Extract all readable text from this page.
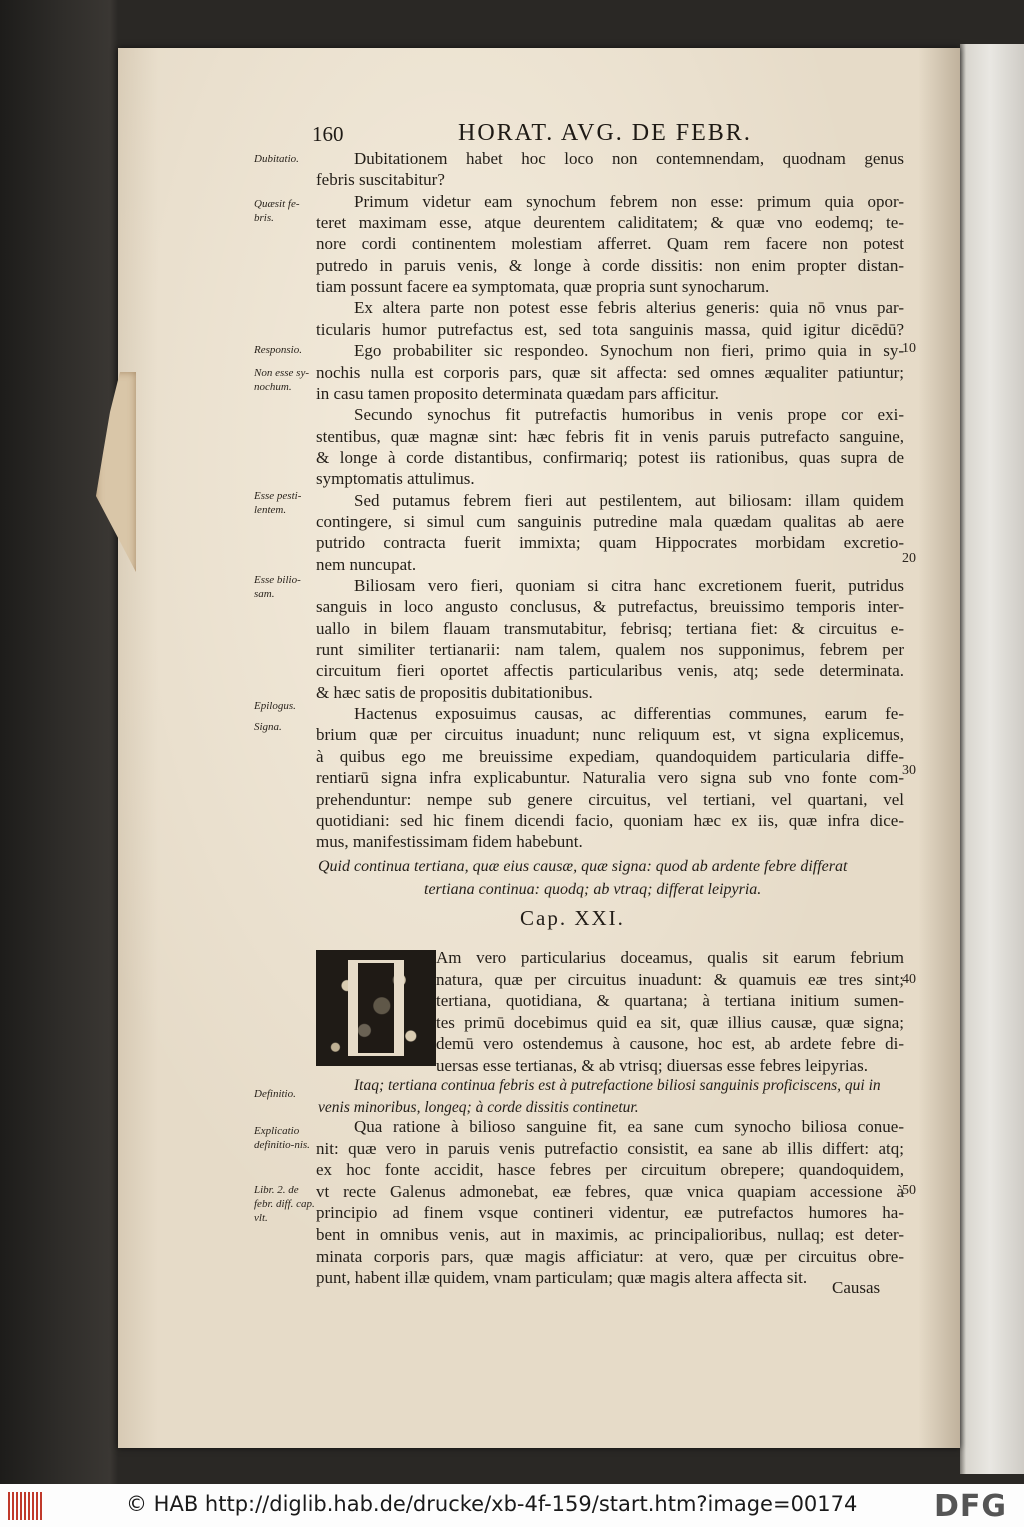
160	HORAT. AVG. DE FEBR.
Dubitationem habet hoc loco non contemnendam, quodnam genus
febris suscitabitur?
Primum videtur eam synochum febrem non esse: primum quia opor-
teret maximam esse, atque deurentem caliditatem; & quæ vno eodemq; te-
nore cordi continentem molestiam afferret. Quam rem facere non potest
putredo in paruis venis, & longe à corde dissitis: non enim propter distan-
tiam possunt facere ea symptomata, quæ propria sunt synocharum.
Ex altera parte non potest esse febris alterius generis: quia nō vnus par-
ticularis humor putrefactus est, sed tota sanguinis massa, quid igitur dicēdū?
Ego probabiliter sic respondeo. Synochum non fieri, primo quia in sy-
nochis nulla est corporis pars, quæ sit affecta: sed omnes æqualiter patiuntur;
in casu tamen proposito determinata quædam pars afficitur.
Secundo synochus fit putrefactis humoribus in venis prope cor exi-
stentibus, quæ magnæ sint: hæc febris fit in venis paruis putrefacto sanguine,
& longe à corde distantibus, confirmariq; potest iis rationibus, quas supra de
symptomatis attulimus.
Sed putamus febrem fieri aut pestilentem, aut biliosam: illam quidem
contingere, si simul cum sanguinis putredine mala quædam qualitas ab aere
putrido contracta fuerit immixta; quam Hippocrates morbidam excretio-
nem nuncupat.
Biliosam vero fieri, quoniam si citra hanc excretionem fuerit, putridus
sanguis in loco angusto conclusus, & putrefactus, breuissimo temporis inter-
uallo in bilem flauam transmutabitur, febrisq; tertiana fiet: & circuitus e-
runt similiter tertianarii: nam talem, qualem nos supponimus, febrem per
circuitum fieri oportet affectis particularibus venis, atq; sede determinata.
& hæc satis de propositis dubitationibus.
Hactenus exposuimus causas, ac differentias communes, earum fe-
brium quæ per circuitus inuadunt; nunc reliquum est, vt signa explicemus,
à quibus ego me breuissime expediam, quandoquidem particularia diffe-
rentiarū signa infra explicabuntur. Naturalia vero signa sub vno fonte com-
prehenduntur: nempe sub genere circuitus, vel tertiani, vel quartani, vel
quotidiani: sed hic finem dicendi facio, quoniam hæc ex iis, quæ infra dice-
mus, manifestissimam fidem habebunt.
Quid continua tertiana, quæ eius causæ, quæ signa: quod ab ardente febre differat
tertiana continua: quodq; ab vtraq; differat leipyria.
Cap. XXI.
Am vero particularius doceamus, qualis sit earum febrium
natura, quæ per circuitus inuadunt: & quamuis eæ tres sint;
tertiana, quotidiana, & quartana; à tertiana initium sumen-
tes primū docebimus quid ea sit, quæ illius causæ, quæ signa;
demū vero ostendemus à causone, hoc est, ab ardete febre di-
uersas esse tertianas, & ab vtrisq; diuersas esse febres leipyrias.
Itaq; tertiana continua febris est à putrefactione biliosi sanguinis proficiscens, qui in
venis minoribus, longeq; à corde dissitis continetur.
Qua ratione à bilioso sanguine fit, ea sane cum synocho biliosa conue-
nit: quæ vero in paruis venis putrefactio consistit, ea sane ab illis differt: atq;
ex hoc fonte accidit, hasce febres per circuitum obrepere; quandoquidem,
vt recte Galenus admonebat, eæ febres, quæ vnica quapiam accessione à
principio ad finem vsque contineri videntur, eæ putrefactos humores ha-
bent in omnibus venis, aut in maximis, ac principalioribus, nullaq; est deter-
minata corporis pars, quæ magis afficiatur: at vero, quæ per circuitus obre-
punt, habent illæ quidem, vnam particulam; quæ magis altera affecta sit.
Causas
Dubitatio.
Quæsit fe-bris.
Responsio.
Non esse sy-nochum.
Esse pesti-lentem.
Esse bilio-sam.
Epilogus.
Signa.
Definitio.
Explicatio definitio-nis.
Libr. 2. de febr. diff. cap. vlt.
10
20
30
40
50
© HAB http://diglib.hab.de/drucke/xb-4f-159/start.htm?image=00174	DFG
